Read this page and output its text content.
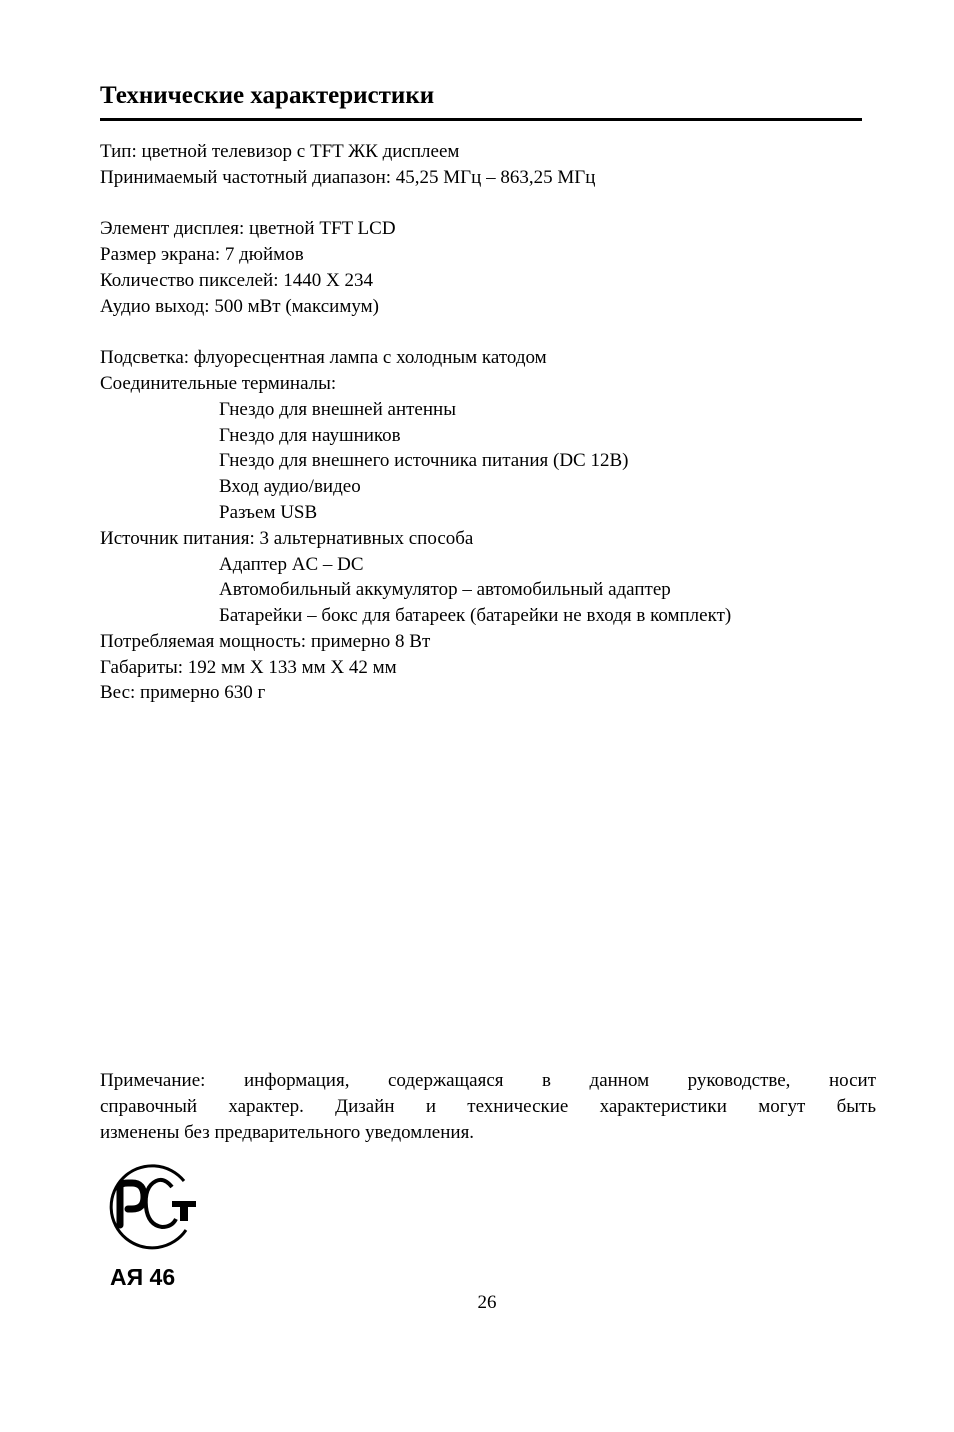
Технические характеристики
Тип: цветной телевизор с TFT ЖК дисплеем
Принимаемый частотный диапазон: 45,25 МГц – 863,25 МГц
Элемент дисплея: цветной TFT LCD
Размер экрана: 7 дюймов
Количество пикселей: 1440 X 234
Аудио выход: 500 мВт (максимум)
Подсветка: флуоресцентная лампа с холодным катодом
Соединительные терминалы:
Гнездо для внешней антенны
Гнездо для наушников
Гнездо для внешнего источника питания (DC 12В)
Вход аудио/видео
Разъем USB
Источник питания: 3 альтернативных способа
Адаптер AC – DC
Автомобильный аккумулятор – автомобильный адаптер
Батарейки – бокс для батареек (батарейки не входя в комплект)
Потребляемая мощность: примерно 8 Вт
Габариты: 192 мм X 133 мм X 42 мм
Вес: примерно 630 г
Примечание: информация, содержащаяся в данном руководстве, носит
справочный характер. Дизайн и технические характеристики могут быть
изменены без предварительного уведомления.
АЯ 46
26
